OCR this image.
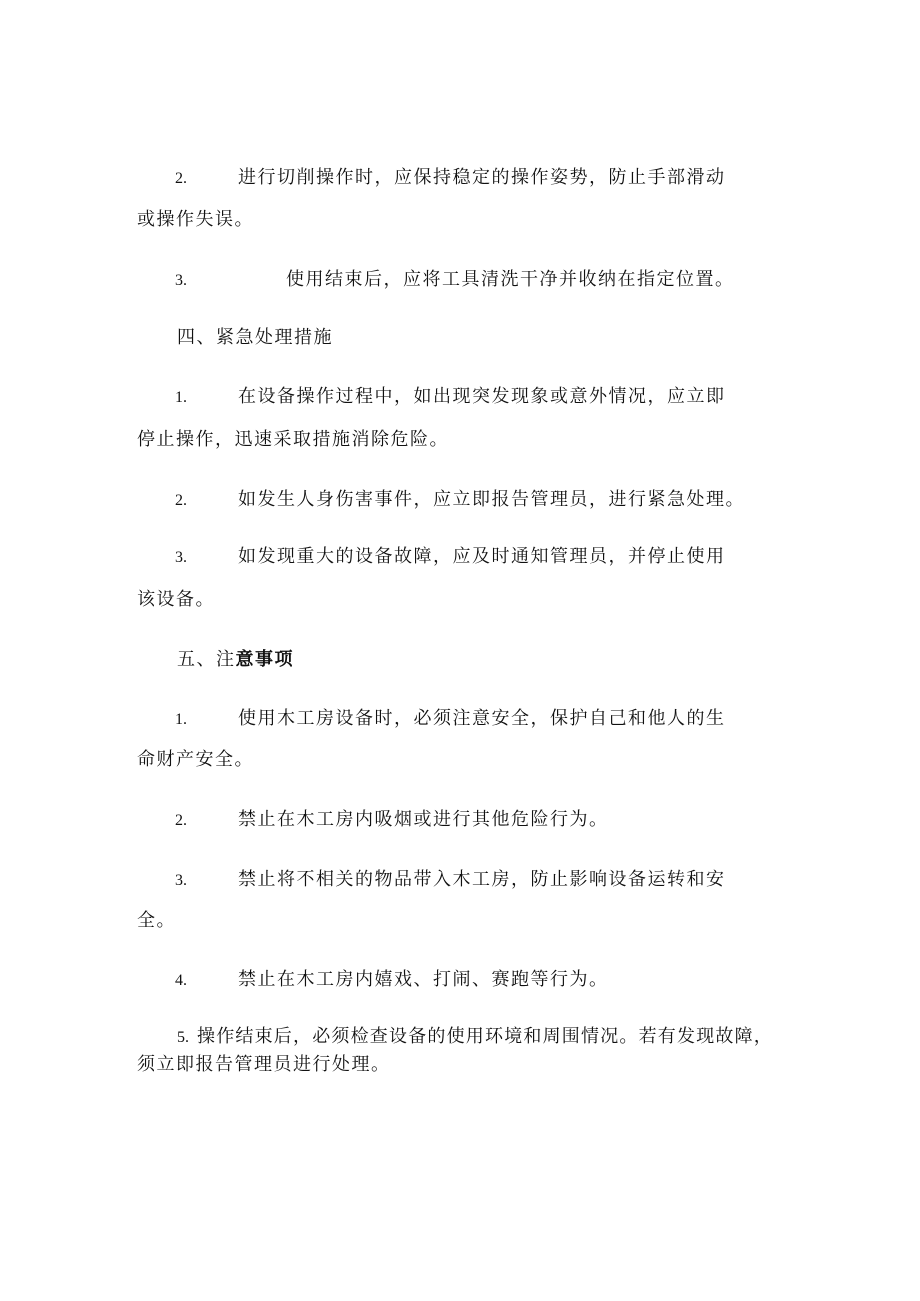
2.	进行切削操作时，应保持稳定的操作姿势，防止手部滑动
或操作失误。
3.	使用结束后，应将工具清洗干净并收纳在指定位置。
四、紧急处理措施
1.	在设备操作过程中，如出现突发现象或意外情况，应立即
停止操作，迅速采取措施消除危险。
2.	如发生人身伤害事件，应立即报告管理员，进行紧急处理。
3.	如发现重大的设备故障，应及时通知管理员，并停止使用
该设备。
五、注意事项
1.	使用木工房设备时，必须注意安全，保护自己和他人的生
命财产安全。
2.	禁止在木工房内吸烟或进行其他危险行为。
3.	禁止将不相关的物品带入木工房，防止影响设备运转和安
全。
4.	禁止在木工房内嬉戏、打闹、赛跑等行为。
5. 操作结束后，必须检查设备的使用环境和周围情况。若有发现故障，
须立即报告管理员进行处理。
